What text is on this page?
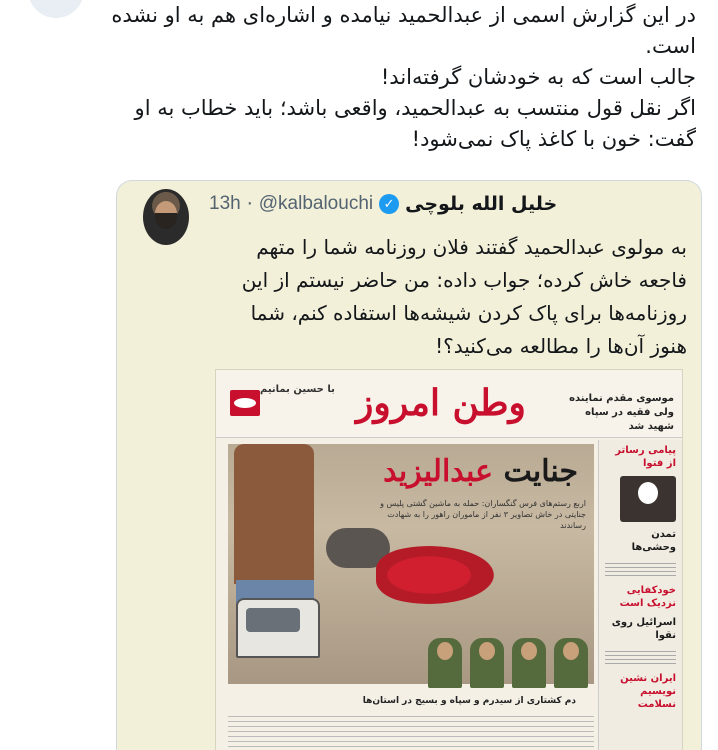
در این گزارش اسمی از عبدالحمید نیامده و اشاره‌ای هم به او نشده

است.

جالب است که به خودشان گرفته‌اند!

اگر نقل قول منتسب به عبدالحمید، واقعی باشد؛ باید خطاب به او

گفت: خون با کاغذ پاک نمی‌شود!

13h · @kalbalouchi ✓ خلیل الله بلوچی
به مولوی عبدالحمید گفتند فلان روزنامه شما را متهم فاجعه خاش کرده؛ جواب داده: من حاضر نیستم از این روزنامه‌ها برای پاک کردن شیشه‌ها استفاده کنم، شما هنوز آن‌ها را مطالعه می‌کنید؟!
با حسین بمانیم وطن امروز	موسوی مقدم نماینده ولی فقیه در سپاه شهید شد
جنایت عبدالیزید
اربع رستم‌های فرس گنگساران: حمله به ماشین گشتی پلیس و جنایتی در خاش تصاویر ۳ نفر از ماموران راهور را به شهادت رساندند
دم کشتاری از سیدرم و سپاه و بسیج در استان‌ها
پیامی رساتر از فتوا
تمدن وحشی‌ها
خودکفایی نزدیک است
اسرائیل روی نقوا
ایران نشین نویسیم نسلامت
